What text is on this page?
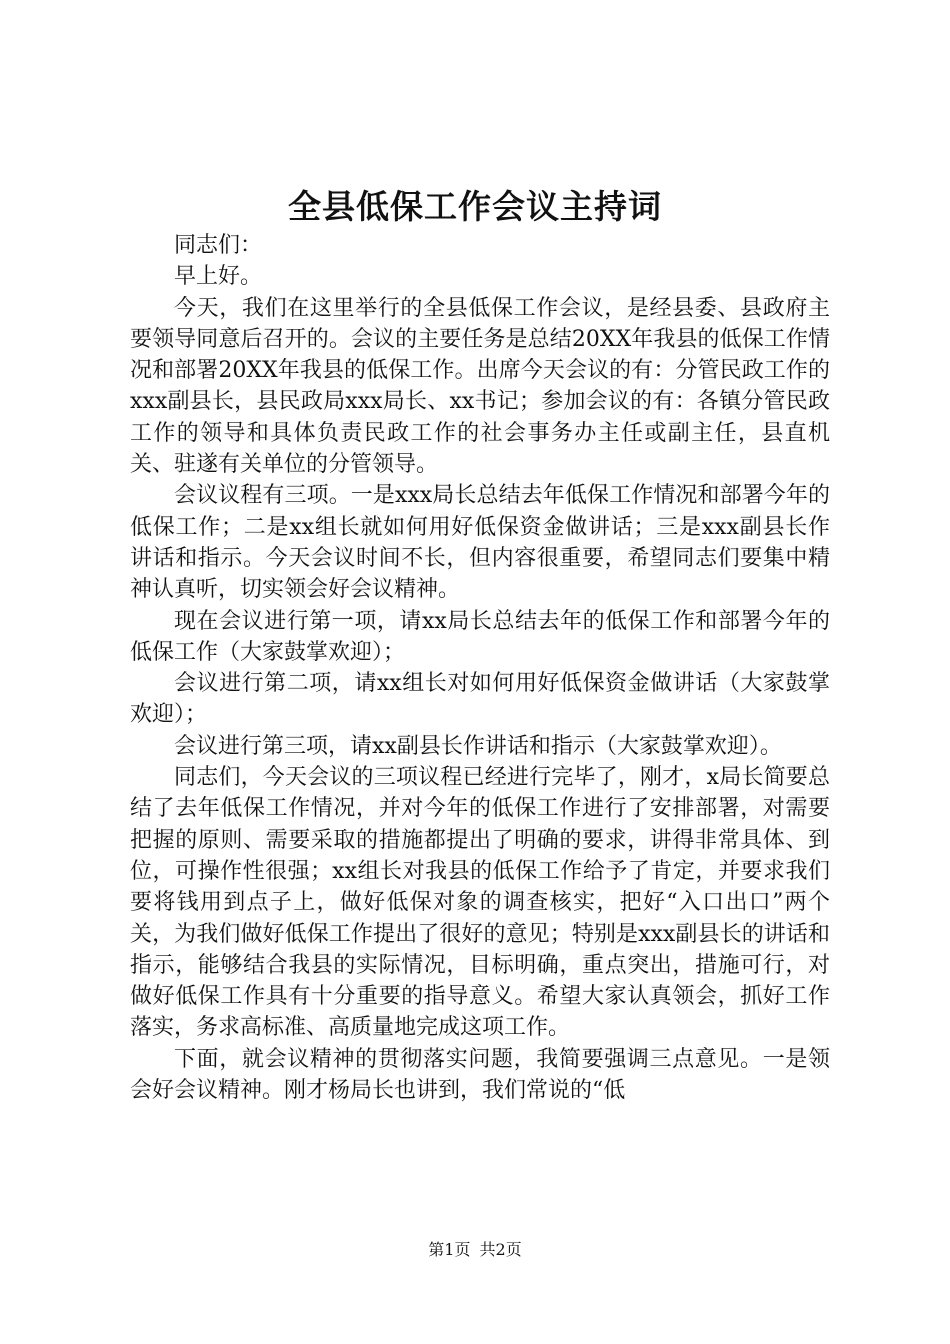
全县低保工作会议主持词

同志们：

早上好。

今天，我们在这里举行的全县低保工作会议，是经县委、县政府主要领导同意后召开的。会议的主要任务是总结20XX年我县的低保工作情况和部署20XX年我县的低保工作。出席今天会议的有：分管民政工作的xxx副县长，县民政局xxx局长、xx书记；参加会议的有：各镇分管民政工作的领导和具体负责民政工作的社会事务办主任或副主任，县直机关、驻遂有关单位的分管领导。

会议议程有三项。一是xxx局长总结去年低保工作情况和部署今年的低保工作；二是xx组长就如何用好低保资金做讲话；三是xxx副县长作讲话和指示。今天会议时间不长，但内容很重要，希望同志们要集中精神认真听，切实领会好会议精神。

现在会议进行第一项，请xx局长总结去年的低保工作和部署今年的低保工作（大家鼓掌欢迎）；

会议进行第二项，请xx组长对如何用好低保资金做讲话（大家鼓掌欢迎）；

会议进行第三项，请xx副县长作讲话和指示（大家鼓掌欢迎）。

同志们，今天会议的三项议程已经进行完毕了，刚才，x局长简要总结了去年低保工作情况，并对今年的低保工作进行了安排部署，对需要把握的原则、需要采取的措施都提出了明确的要求，讲得非常具体、到位，可操作性很强；xx组长对我县的低保工作给予了肯定，并要求我们要将钱用到点子上，做好低保对象的调查核实，把好“入口出口”两个关，为我们做好低保工作提出了很好的意见；特别是xxx副县长的讲话和指示，能够结合我县的实际情况，目标明确，重点突出，措施可行，对做好低保工作具有十分重要的指导意义。希望大家认真领会，抓好工作落实，务求高标准、高质量地完成这项工作。

下面，就会议精神的贯彻落实问题，我简要强调三点意见。一是领会好会议精神。刚才杨局长也讲到，我们常说的“低

第1页 共2页
